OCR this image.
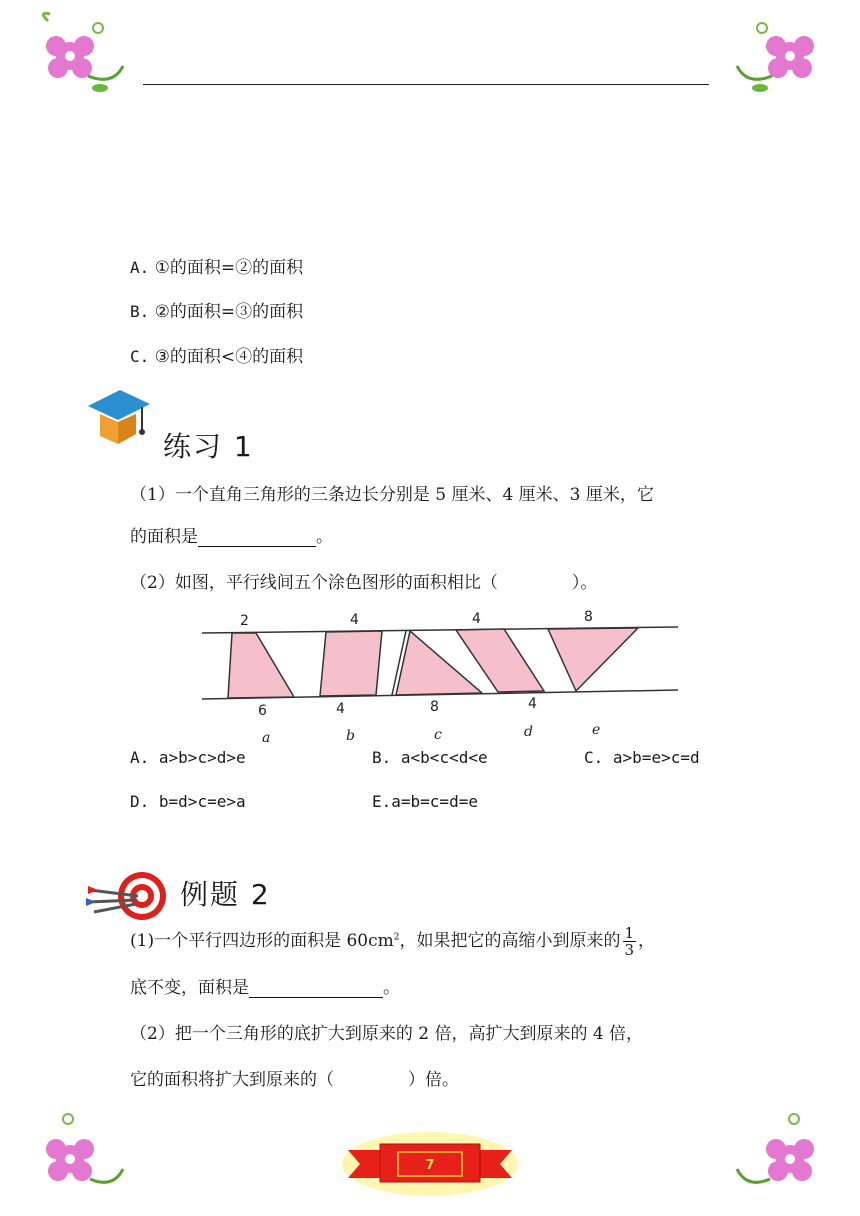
A. ①的面积=②的面积
B. ②的面积=③的面积
C. ③的面积<④的面积
练习 1
（1）一个直角三角形的三条边长分别是 5 厘米、4 厘米、3 厘米，它
的面积是	。
（2）如图，平行线间五个涂色图形的面积相比（	）。
2	4	4	8
6	4	8	4
a	b	c	d	e
A. a>b>c>d>e	B. a<b<c<d<e	C. a>b=e>c=d
D. b=d>c=e>a	E.a=b=c=d=e
例题 2
(1)一个平行四边形的面积是 $60cm^2$，如果把它的高缩小到原来的 $\frac{1}{3}$ ，
底不变，面积是	。
（2）把一个三角形的底扩大到原来的 2 倍，高扩大到原来的 4 倍，
它的面积将扩大到原来的（	）倍。
7
